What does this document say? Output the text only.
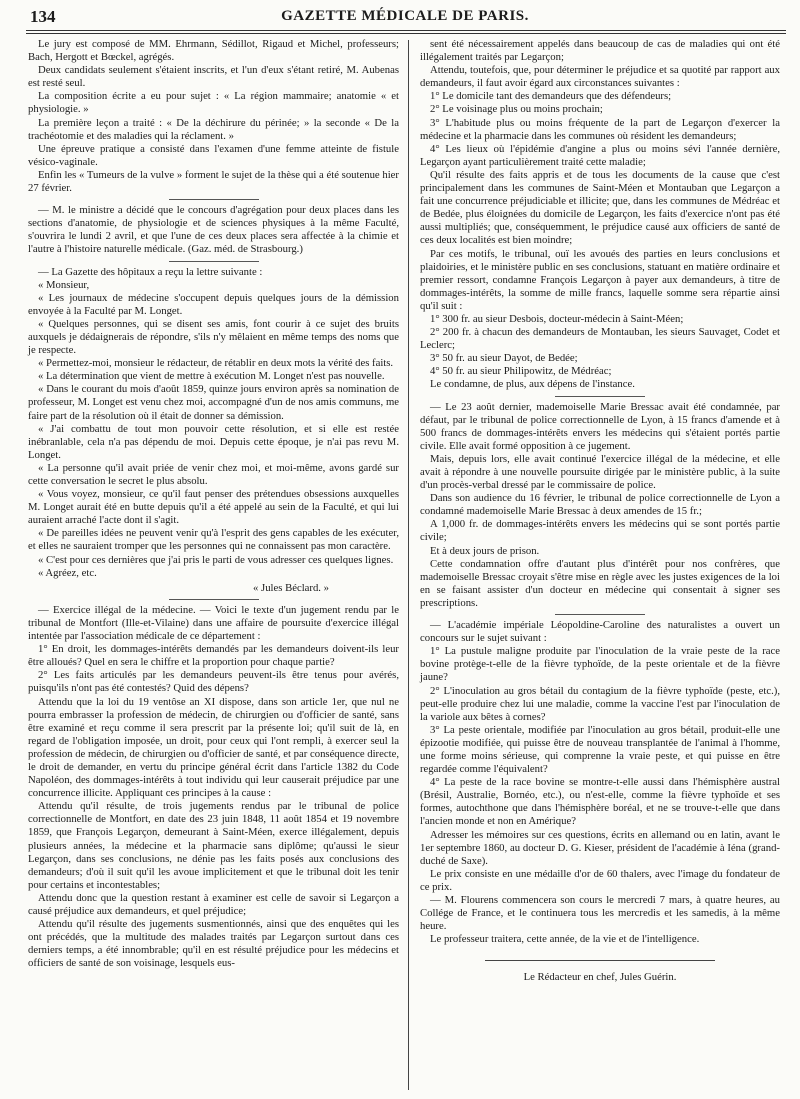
134	GAZETTE MÉDICALE DE PARIS.

Le jury est composé de MM. Ehrmann, Sédillot, Rigaud et Michel, professeurs; Bach, Hergott et Bœckel, agrégés.

Deux candidats seulement s'étaient inscrits, et l'un d'eux s'étant retiré, M. Aubenas est resté seul.

La composition écrite a eu pour sujet : « La région mammaire; anatomie « et physiologie. »

La première leçon a traité : « De la déchirure du périnée; » la seconde « De la trachéotomie et des maladies qui la réclament. »

Une épreuve pratique a consisté dans l'examen d'une femme atteinte de fistule vésico-vaginale.

Enfin les « Tumeurs de la vulve » forment le sujet de la thèse qui a été soutenue hier 27 février.

— M. le ministre a décidé que le concours d'agrégation pour deux places dans les sections d'anatomie, de physiologie et de sciences physiques à la même Faculté, s'ouvrira le lundi 2 avril, et que l'une de ces deux places sera affectée à la chimie et l'autre à l'histoire naturelle médicale. (Gaz. méd. de Strasbourg.)

— La Gazette des hôpitaux a reçu la lettre suivante :

« Monsieur,

« Les journaux de médecine s'occupent depuis quelques jours de la démission envoyée à la Faculté par M. Longet.

« Quelques personnes, qui se disent ses amis, font courir à ce sujet des bruits auxquels je dédaignerais de répondre, s'ils n'y mêlaient en même temps des noms que je respecte.

« Permettez-moi, monsieur le rédacteur, de rétablir en deux mots la vérité des faits.

« La détermination que vient de mettre à exécution M. Longet n'est pas nouvelle.

« Dans le courant du mois d'août 1859, quinze jours environ après sa nomination de professeur, M. Longet est venu chez moi, accompagné d'un de nos amis communs, me faire part de la résolution où il était de donner sa démission.

« J'ai combattu de tout mon pouvoir cette résolution, et si elle est restée inébranlable, cela n'a pas dépendu de moi. Depuis cette époque, je n'ai pas revu M. Longet.

« La personne qu'il avait priée de venir chez moi, et moi-même, avons gardé sur cette conversation le secret le plus absolu.

« Vous voyez, monsieur, ce qu'il faut penser des prétendues obsessions auxquelles M. Longet aurait été en butte depuis qu'il a été appelé au sein de la Faculté, et qui lui auraient arraché l'acte dont il s'agit.

« De pareilles idées ne peuvent venir qu'à l'esprit des gens capables de les exécuter, et elles ne sauraient tromper que les personnes qui ne connaissent pas mon caractère.

« C'est pour ces dernières que j'ai pris le parti de vous adresser ces quelques lignes.

« Agréez, etc.

« Jules Béclard. »

— Exercice illégal de la médecine. — Voici le texte d'un jugement rendu par le tribunal de Montfort (Ille-et-Vilaine) dans une affaire de poursuite d'exercice illégal intentée par l'association médicale de ce département :

1° En droit, les dommages-intérêts demandés par les demandeurs doivent-ils leur être alloués? Quel en sera le chiffre et la proportion pour chaque partie?

2° Les faits articulés par les demandeurs peuvent-ils être tenus pour avérés, puisqu'ils n'ont pas été contestés? Quid des dépens?

Attendu que la loi du 19 ventôse an XI dispose, dans son article 1er, que nul ne pourra embrasser la profession de médecin, de chirurgien ou d'officier de santé, sans être examiné et reçu comme il sera prescrit par la présente loi; qu'il suit de là, en regard de l'obligation imposée, un droit, pour ceux qui l'ont rempli, à exercer seul la profession de médecin, de chirurgien ou d'officier de santé, et par conséquence directe, le droit de demander, en vertu du principe général écrit dans l'article 1382 du Code Napoléon, des dommages-intérêts à tout individu qui leur causerait préjudice par une concurrence illicite. Appliquant ces principes à la cause :

Attendu qu'il résulte, de trois jugements rendus par le tribunal de police correctionnelle de Montfort, en date des 23 juin 1848, 11 août 1854 et 19 novembre 1859, que François Legarçon, demeurant à Saint-Méen, exerce illégalement, depuis plusieurs années, la médecine et la pharmacie sans diplôme; qu'aussi le sieur Legarçon, dans ses conclusions, ne dénie pas les faits posés aux conclusions des demandeurs; d'où il suit qu'il les avoue implicitement et que le tribunal doit les tenir pour certains et incontestables;

Attendu donc que la question restant à examiner est celle de savoir si Legarçon a causé préjudice aux demandeurs, et quel préjudice;

Attendu qu'il résulte des jugements susmentionnés, ainsi que des enquêtes qui les ont précédés, que la multitude des malades traités par Legarçon surtout dans ces derniers temps, a été innombrable; qu'il en est résulté préjudice pour les médecins et officiers de santé de son voisinage, lesquels eus-

sent été nécessairement appelés dans beaucoup de cas de maladies qui ont été illégalement traités par Legarçon;

Attendu, toutefois, que, pour déterminer le préjudice et sa quotité par rapport aux demandeurs, il faut avoir égard aux circonstances suivantes :

1° Le domicile tant des demandeurs que des défendeurs;

2° Le voisinage plus ou moins prochain;

3° L'habitude plus ou moins fréquente de la part de Legarçon d'exercer la médecine et la pharmacie dans les communes où résident les demandeurs;

4° Les lieux où l'épidémie d'angine a plus ou moins sévi l'année dernière, Legarçon ayant particulièrement traité cette maladie;

Qu'il résulte des faits appris et de tous les documents de la cause que c'est principalement dans les communes de Saint-Méen et Montauban que Legarçon a fait une concurrence préjudiciable et illicite; que, dans les communes de Médréac et de Bedée, plus éloignées du domicile de Legarçon, les faits d'exercice n'ont pas été aussi multipliés; que, conséquemment, le préjudice causé aux officiers de santé de ces deux localités est bien moindre;

Par ces motifs, le tribunal, ouï les avoués des parties en leurs conclusions et plaidoiries, et le ministère public en ses conclusions, statuant en matière ordinaire et premier ressort, condamne François Legarçon à payer aux demandeurs, à titre de dommages-intérêts, la somme de mille francs, laquelle somme sera répartie ainsi qu'il suit :

1° 300 fr. au sieur Desbois, docteur-médecin à Saint-Méen;

2° 200 fr. à chacun des demandeurs de Montauban, les sieurs Sauvaget, Codet et Leclerc;

3° 50 fr. au sieur Dayot, de Bedée;

4° 50 fr. au sieur Philipowitz, de Médréac;

Le condamne, de plus, aux dépens de l'instance.

— Le 23 août dernier, mademoiselle Marie Bressac avait été condamnée, par défaut, par le tribunal de police correctionnelle de Lyon, à 15 francs d'amende et à 500 francs de dommages-intérêts envers les médecins qui s'étaient portés partie civile. Elle avait formé opposition à ce jugement.

Mais, depuis lors, elle avait continué l'exercice illégal de la médecine, et elle avait à répondre à une nouvelle poursuite dirigée par le ministère public, à la suite d'un procès-verbal dressé par le commissaire de police.

Dans son audience du 16 février, le tribunal de police correctionnelle de Lyon a condamné mademoiselle Marie Bressac à deux amendes de 15 fr.;

A 1,000 fr. de dommages-intérêts envers les médecins qui se sont portés partie civile;

Et à deux jours de prison.

Cette condamnation offre d'autant plus d'intérêt pour nos confrères, que mademoiselle Bressac croyait s'être mise en règle avec les justes exigences de la loi en se faisant assister d'un docteur en médecine qui consentait à signer ses prescriptions.

— L'académie impériale Léopoldine-Caroline des naturalistes a ouvert un concours sur le sujet suivant :

1° La pustule maligne produite par l'inoculation de la vraie peste de la race bovine protège-t-elle de la fièvre typhoïde, de la peste orientale et de la fièvre jaune?

2° L'inoculation au gros bétail du contagium de la fièvre typhoïde (peste, etc.), peut-elle produire chez lui une maladie, comme la vaccine l'est par l'inoculation de la variole aux bêtes à cornes?

3° La peste orientale, modifiée par l'inoculation au gros bétail, produit-elle une épizootie modifiée, qui puisse être de nouveau transplantée de l'animal à l'homme, une forme moins sérieuse, qui comprenne la vraie peste, et qui puisse en être regardée comme l'équivalent?

4° La peste de la race bovine se montre-t-elle aussi dans l'hémisphère austral (Brésil, Australie, Bornéo, etc.), ou n'est-elle, comme la fièvre typhoïde et ses formes, autochthone que dans l'hémisphère boréal, et ne se trouve-t-elle que dans l'ancien monde et non en Amérique?

Adresser les mémoires sur ces questions, écrits en allemand ou en latin, avant le 1er septembre 1860, au docteur D. G. Kieser, président de l'académie à Iéna (grand-duché de Saxe).

Le prix consiste en une médaille d'or de 60 thalers, avec l'image du fondateur de ce prix.

— M. Flourens commencera son cours le mercredi 7 mars, à quatre heures, au Collége de France, et le continuera tous les mercredis et les samedis, à la même heure.

Le professeur traitera, cette année, de la vie et de l'intelligence.

Le Rédacteur en chef, Jules Guérin.
